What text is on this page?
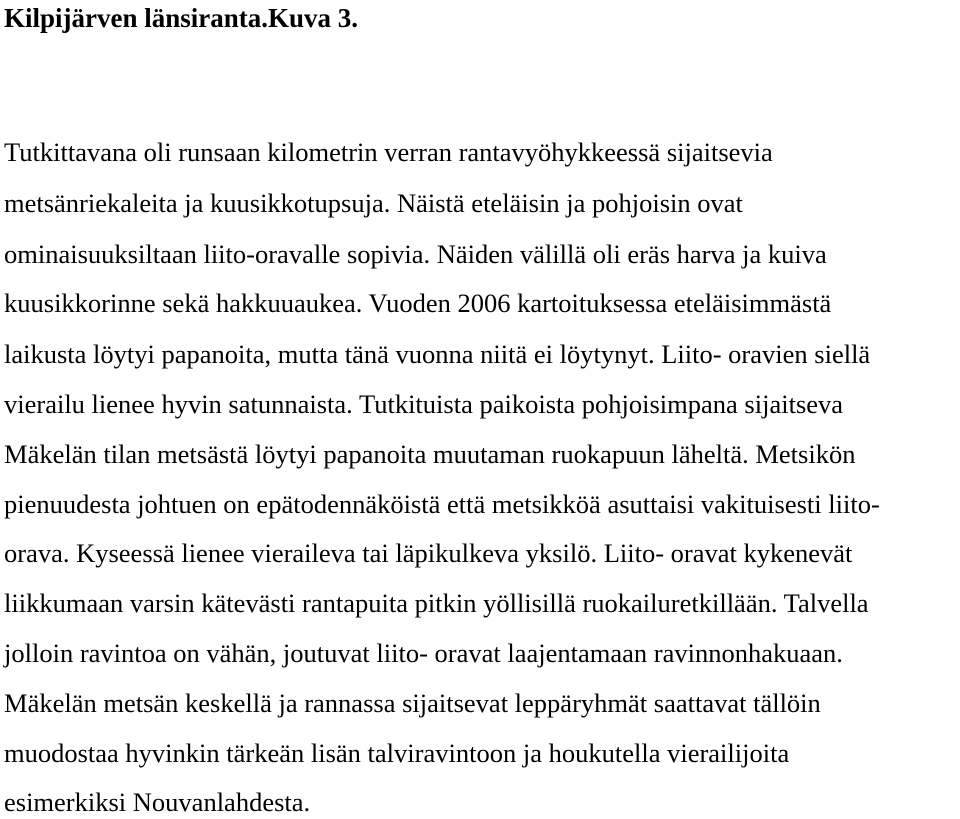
Kilpijärven länsiranta.Kuva 3.

Tutkittavana oli runsaan kilometrin verran rantavyöhykkeessä sijaitsevia

metsänriekaleita ja kuusikkotupsuja. Näistä eteläisin ja pohjoisin ovat

ominaisuuksiltaan liito-oravalle sopivia. Näiden välillä oli eräs harva ja kuiva

kuusikkorinne sekä hakkuuaukea. Vuoden 2006 kartoituksessa eteläisimmästä

laikusta löytyi papanoita, mutta tänä vuonna niitä ei löytynyt. Liito- oravien siellä

vierailu lienee hyvin satunnaista. Tutkituista paikoista pohjoisimpana sijaitseva

Mäkelän tilan metsästä löytyi papanoita muutaman ruokapuun läheltä. Metsikön

pienuudesta johtuen on epätodennäköistä että metsikköä asuttaisi vakituisesti liito-

orava. Kyseessä lienee vieraileva tai läpikulkeva yksilö. Liito- oravat kykenevät

liikkumaan varsin kätevästi rantapuita pitkin yöllisillä ruokailuretkillään. Talvella

jolloin ravintoa on vähän, joutuvat liito- oravat laajentamaan ravinnonhakuaan.

Mäkelän metsän keskellä ja rannassa sijaitsevat leppäryhmät saattavat tällöin

muodostaa hyvinkin tärkeän lisän talviravintoon ja houkutella vierailijoita

esimerkiksi Nouvanlahdesta.
